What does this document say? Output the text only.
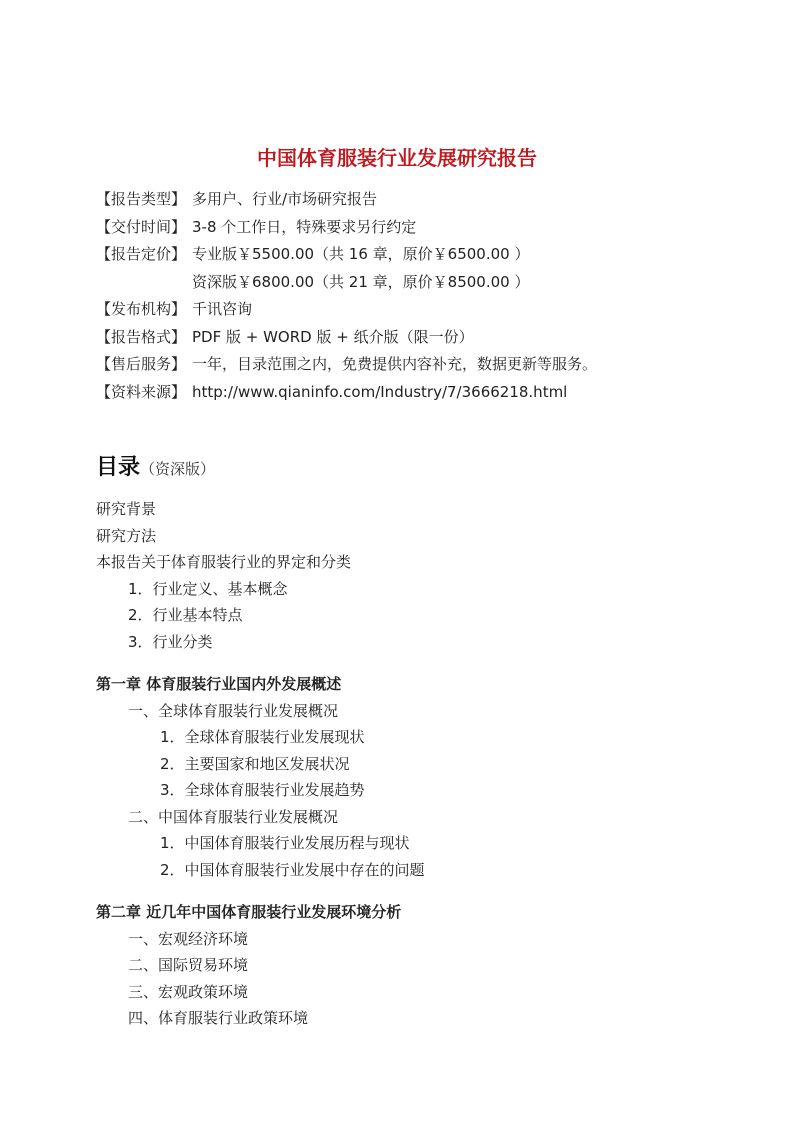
中国体育服装行业发展研究报告
【报告类型】 多用户、行业/市场研究报告
【交付时间】 3-8 个工作日，特殊要求另行约定
【报告定价】 专业版￥5500.00（共 16 章，原价￥6500.00 ）
资深版￥6800.00（共 21 章，原价￥8500.00 ）
【发布机构】 千讯咨询
【报告格式】 PDF 版 + WORD 版 + 纸介版（限一份）
【售后服务】 一年，目录范围之内，免费提供内容补充，数据更新等服务。
【资料来源】 http://www.qianinfo.com/Industry/7/3666218.html
目录（资深版）
研究背景
研究方法
本报告关于体育服装行业的界定和分类
1．行业定义、基本概念
2．行业基本特点
3．行业分类
第一章 体育服装行业国内外发展概述
一、全球体育服装行业发展概况
1．全球体育服装行业发展现状
2．主要国家和地区发展状况
3．全球体育服装行业发展趋势
二、中国体育服装行业发展概况
1．中国体育服装行业发展历程与现状
2．中国体育服装行业发展中存在的问题
第二章 近几年中国体育服装行业发展环境分析
一、宏观经济环境
二、国际贸易环境
三、宏观政策环境
四、体育服装行业政策环境
